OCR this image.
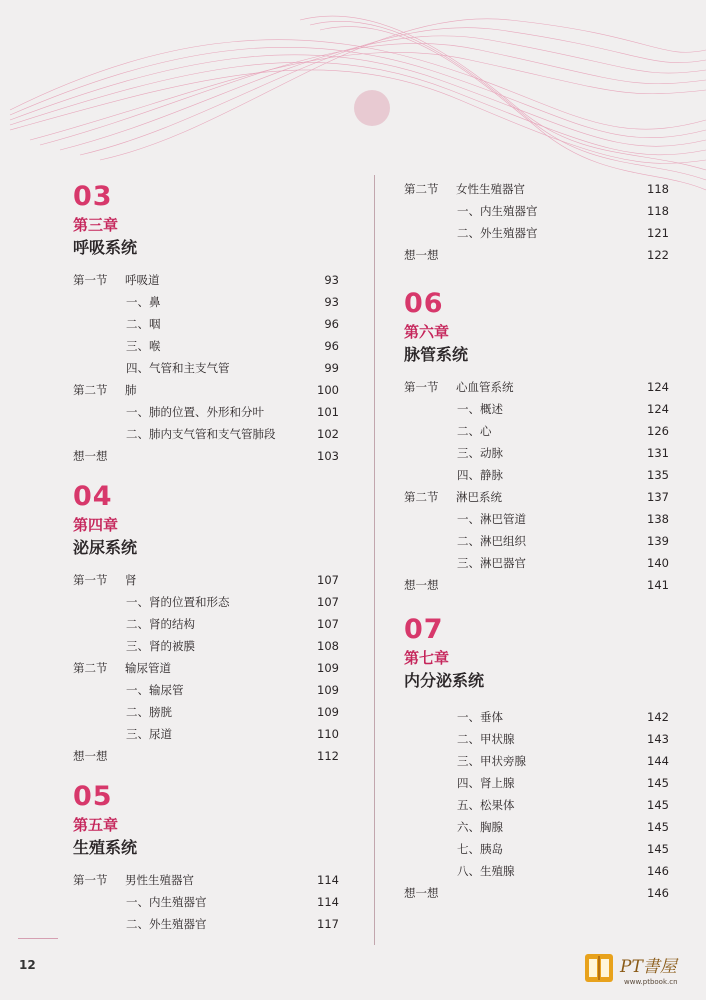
03
第三章
呼吸系统
第一节 呼吸道	93
一、鼻	93
二、咽	96
三、喉	96
四、气管和主支气管	99
第二节 肺	100
一、肺的位置、外形和分叶	101
二、肺内支气管和支气管肺段	102
想一想	103
04
第四章
泌尿系统
第一节 肾	107
一、肾的位置和形态	107
二、肾的结构	107
三、肾的被膜	108
第二节 输尿管道	109
一、输尿管	109
二、膀胱	109
三、尿道	110
想一想	112
05
第五章
生殖系统
第一节 男性生殖器官	114
一、内生殖器官	114
二、外生殖器官	117
第二节 女性生殖器官	118
一、内生殖器官	118
二、外生殖器官	121
想一想	122
06
第六章
脉管系统
第一节 心血管系统	124
一、概述	124
二、心	126
三、动脉	131
四、静脉	135
第二节 淋巴系统	137
一、淋巴管道	138
二、淋巴组织	139
三、淋巴器官	140
想一想	141
07
第七章
内分泌系统
一、垂体	142
二、甲状腺	143
三、甲状旁腺	144
四、肾上腺	145
五、松果体	145
六、胸腺	145
七、胰岛	145
八、生殖腺	146
想一想	146
12	PT書屋
www.ptbook.cn
